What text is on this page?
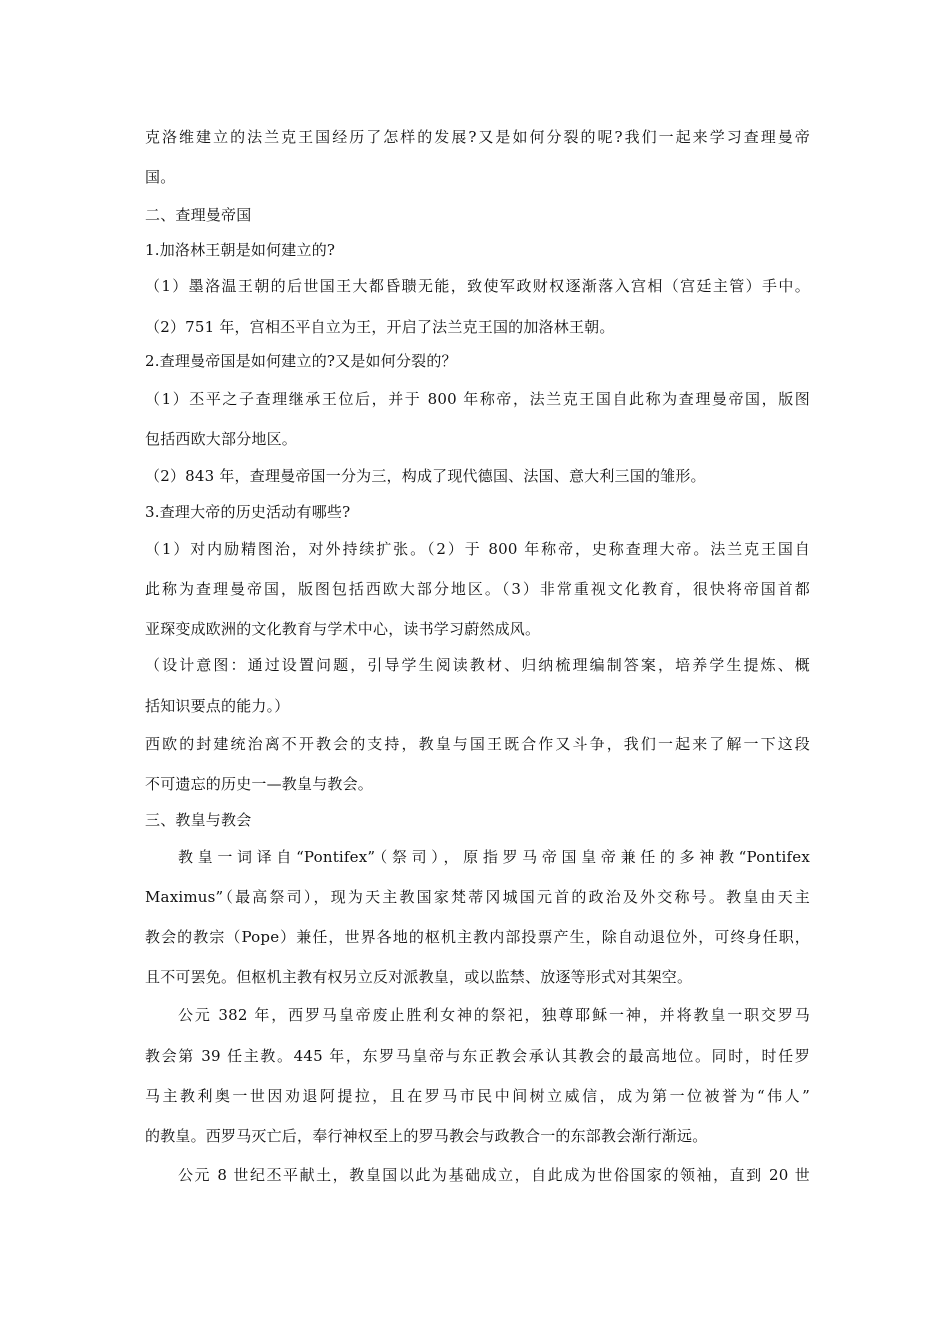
克洛维建立的法兰克王国经历了怎样的发展?又是如何分裂的呢?我们一起来学习查理曼帝
国。
二、查理曼帝国
1.加洛林王朝是如何建立的?
（1）墨洛温王朝的后世国王大都昏聩无能，致使军政财权逐渐落入宫相（宫廷主管）手中。
（2）751 年，宫相丕平自立为王，开启了法兰克王国的加洛林王朝。
2.查理曼帝国是如何建立的?又是如何分裂的？
（1）丕平之子查理继承王位后，并于 800 年称帝，法兰克王国自此称为查理曼帝国，版图
包括西欧大部分地区。
（2）843 年，查理曼帝国一分为三，构成了现代德国、法国、意大利三国的雏形。
3.查理大帝的历史活动有哪些?
（1）对内励精图治，对外持续扩张。（2）于 800 年称帝，史称查理大帝。法兰克王国自
此称为查理曼帝国，版图包括西欧大部分地区。（3）非常重视文化教育，很快将帝国首都
亚琛变成欧洲的文化教育与学术中心，读书学习蔚然成风。
（设计意图：通过设置问题，引导学生阅读教材、归纳梳理编制答案，培养学生提炼、概
括知识要点的能力。）
西欧的封建统治离不开教会的支持，教皇与国王既合作又斗争，我们一起来了解一下这段
不可遗忘的历史一—教皇与教会。
三、教皇与教会
教皇一词译自“Pontifex”（祭司），原指罗马帝国皇帝兼任的多神教“Pontifex
Maximus”（最高祭司），现为天主教国家梵蒂冈城国元首的政治及外交称号。教皇由天主
教会的教宗（Pope）兼任，世界各地的枢机主教内部投票产生，除自动退位外，可终身任职，
且不可罢免。但枢机主教有权另立反对派教皇，或以监禁、放逐等形式对其架空。
公元 382 年，西罗马皇帝废止胜利女神的祭祀，独尊耶稣一神，并将教皇一职交罗马
教会第 39 任主教。445 年，东罗马皇帝与东正教会承认其教会的最高地位。同时，时任罗
马主教利奥一世因劝退阿提拉，且在罗马市民中间树立威信，成为第一位被誉为“伟人”
的教皇。西罗马灭亡后，奉行神权至上的罗马教会与政教合一的东部教会渐行渐远。
公元 8 世纪丕平献土，教皇国以此为基础成立，自此成为世俗国家的领袖，直到 20 世
